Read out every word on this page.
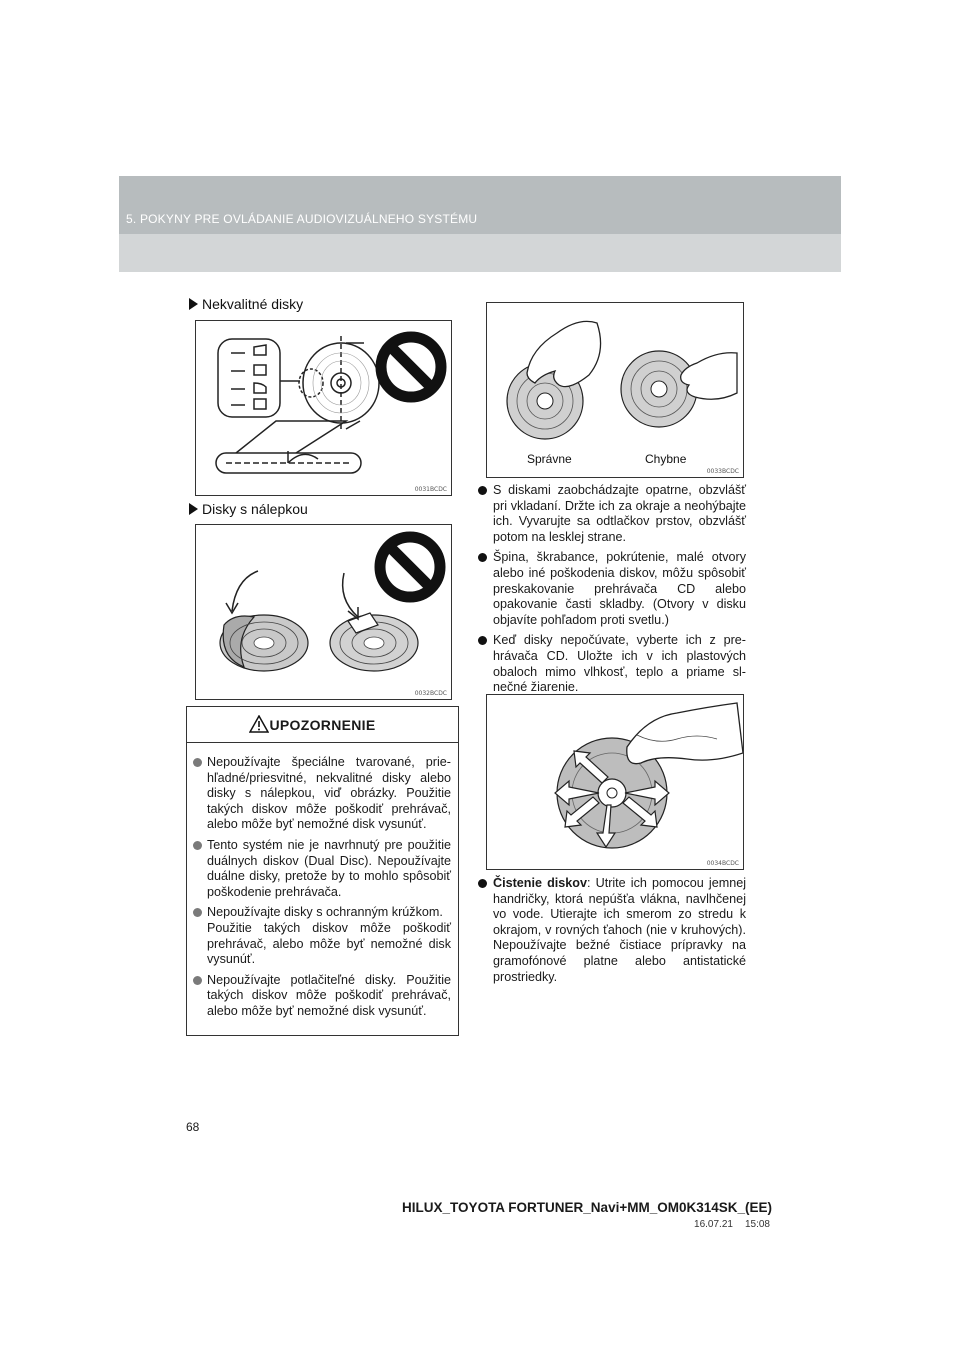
5. POKYNY PRE OVLÁDANIE AUDIOVIZUÁLNEHO SYSTÉMU
Nekvalitné disky
0031BCDC
Disky s nálepkou
0032BCDC
UPOZORNENIE
Nepoužívajte špeciálne tvarované, priehľadné/priesvitné, nekvalitné disky alebo disky s nálepkou, viď obrázky. Použitie takých diskov môže poškodiť prehrávač, alebo môže byť nemožné disk vysunúť.
Tento systém nie je navrhnutý pre použitie duálnych diskov (Dual Disc). Nepoužívajte duálne disky, pretože by to mohlo spôsobiť poškodenie prehrávača.
Nepoužívajte disky s ochranným krúžkom.
Použitie takých diskov môže poškodiť prehrávač, alebo môže byť nemožné disk vysunúť.
Nepoužívajte potlačiteľné disky. Použitie takých diskov môže poškodiť prehrávač, alebo môže byť nemožné disk vysunúť.
Správne	Chybne
0033BCDC
S diskami zaobchádzajte opatrne, obzvlášť pri vkladaní. Držte ich za okraje a neohýbajte ich. Vyvarujte sa odtlačkov prstov, obzvlášť potom na lesklej strane.
Špina, škrabance, pokrútenie, malé otvory alebo iné poškodenia diskov, môžu spôsobiť preskakovanie prehrávača CD alebo opakovanie časti skladby. (Otvory v disku objavíte pohľadom proti svetlu.)
Keď disky nepočúvate, vyberte ich z prehrávača CD. Uložte ich v ich plastových obaloch mimo vlhkosť, teplo a priame slnečné žiarenie.
0034BCDC
Čistenie diskov: Utrite ich pomocou jemnej handričky, ktorá nepúšťa vlákna, navlhčenej vo vode. Utierajte ich smerom zo stredu k okrajom, v rovných ťahoch (nie v kruhových). Nepoužívajte bežné čistiace prípravky na gramofónové platne alebo antistatické prostriedky.
68
HILUX_TOYOTA FORTUNER_Navi+MM_OM0K314SK_(EE)
16.07.21 15:08
